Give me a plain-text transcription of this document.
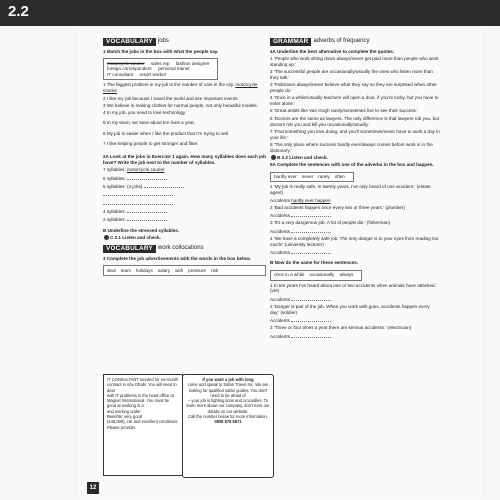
2.2
VOCABULARY jobs
1 Match the jobs in the box with what the people say.
motorcycle courier sales rep fashion designer
foreign correspondent personal trainer
IT consultant resort worker
1 The biggest problem in my job is the number of cars in the city. motorcycle courier
2 I like my job because I travel the world and see important events.
3 We believe in making clothes for normal people, not only beautiful models.
4 In my job, you need to love technology.
5 In my team, we save about ten lives a year.
6 My job is easier when I like the product that I'm trying to sell.
7 I like helping people to get stronger and fitter.
2A Look at the jobs in Exercise 1 again. How many syllables does each job have? Write the job next to the number of syllables.
7 syllables: motorcycle courier
6 syllables:
5 syllables: (3 jobs)
4 syllables:
2 syllables:
B Underline the stressed syllables.
C 2.1 Listen and check.
VOCABULARY work collocations
3 Complete the job advertisements with the words in the box below.
deal team holidays salary with pressure risk
IT CONSULTANT needed for six-month contract in Abu Dhabi. You will need to deal
with IT problems in the head office at
Magnet International. You must be good at working in a
and working under
Benefits: very good
(£46,000), car and excellent conditions. Please provider.
If you want a job with long
come and speak to Safari Travel Inc. We are looking for qualified safari guides. You don't need to be afraid of
– your job is fighting lions and crocodiles. To learn more about our company, don't miss our details on our website.
Call the number below for more information.
0808 876 6671
GRAMMAR adverbs of frequency
4A Underline the best alternative to complete the quotes.
1 'People who work sitting down always/never get paid more than people who work standing up.'
2 'The successful people are occasionally/usually the ones who listen more than they talk.'
3 'Politicians always/never believe what they say so they are surprised when other people do.'
4 'Once in a while/Usually teachers will open a door, if you're lucky, but you have to enter alone.'
5 'Great artists like Van Gogh rarely/sometimes live to see their success.'
6 'Doctors are the same as lawyers. The only difference is that lawyers rob you, but doctors rob you and kill you occasionally/usually.'
7 'Find something you love doing, and you'll sometimes/never have to work a day in your life.'
8 'The only place where success hardly ever/always comes before work is in the dictionary.'
B 2.2 Listen and check.
5A Complete the sentences with one of the adverbs in the box and happen.
hardly ever never rarely often
1 'My job is really safe. In twenty years, I've only heard of one accident.' (estate agent)
Accidents hardly ever happen
2 'Bad accidents happen once every two or three years.' (plumber)
Accidents
3 'It's a very dangerous job. A lot of people die.' (fisherman)
Accidents
4 'We have a completely safe job. The only danger is to your eyes from reading too much!' (university lecturer)
Accidents
B Now do the same for these sentences.
once in a while occasionally always
1 In ten years I've heard about one or two accidents when animals have attacked.' (vet)
Accidents
2 'Danger is part of the job. When you work with guns, accidents happen every day.' (soldier)
Accidents
3 'Three or four times a year there are serious accidents.' (electrician)
Accidents
12
